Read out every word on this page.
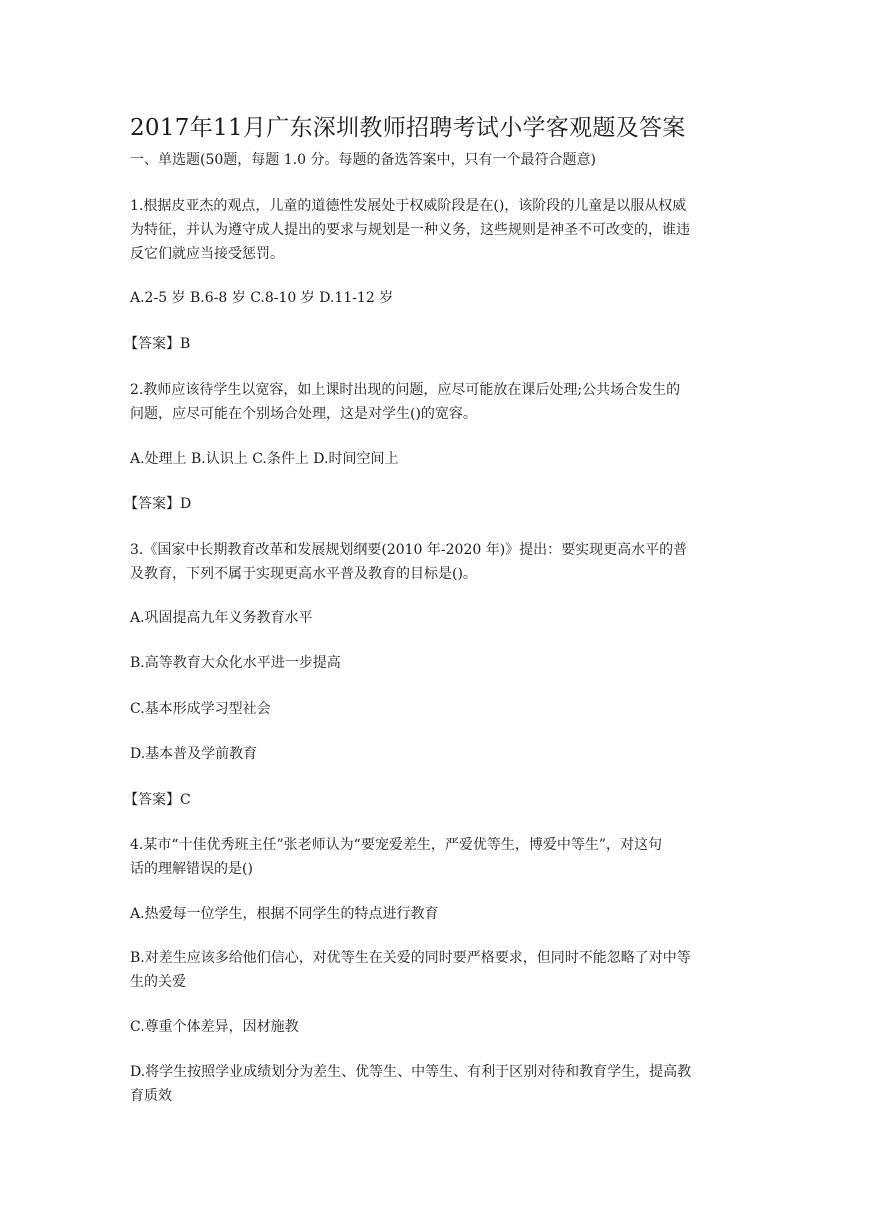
2017年11月广东深圳教师招聘考试小学客观题及答案
一、单选题(50题，每题 1.0 分。每题的备选答案中，只有一个最符合题意)
1.根据皮亚杰的观点，儿童的道德性发展处于权威阶段是在()，该阶段的儿童是以服从权威
为特征，并认为遵守成人提出的要求与规划是一种义务，这些规则是神圣不可改变的，谁违
反它们就应当接受惩罚。
A.2-5 岁 B.6-8 岁 C.8-10 岁 D.11-12 岁
【答案】B
2.教师应该待学生以宽容，如上课时出现的问题，应尽可能放在课后处理;公共场合发生的
问题，应尽可能在个别场合处理，这是对学生()的宽容。
A.处理上 B.认识上 C.条件上 D.时间空间上
【答案】D
3.《国家中长期教育改革和发展规划纲要(2010 年-2020 年)》提出：要实现更高水平的普
及教育，下列不属于实现更高水平普及教育的目标是()。
A.巩固提高九年义务教育水平
B.高等教育大众化水平进一步提高
C.基本形成学习型社会
D.基本普及学前教育
【答案】C
4.某市“十佳优秀班主任”张老师认为“要宠爱差生，严爱优等生，博爱中等生”，对这句
话的理解错误的是()
A.热爱每一位学生，根据不同学生的特点进行教育
B.对差生应该多给他们信心，对优等生在关爱的同时要严格要求，但同时不能忽略了对中等
生的关爱
C.尊重个体差异，因材施教
D.将学生按照学业成绩划分为差生、优等生、中等生、有利于区别对待和教育学生，提高教
育质效
